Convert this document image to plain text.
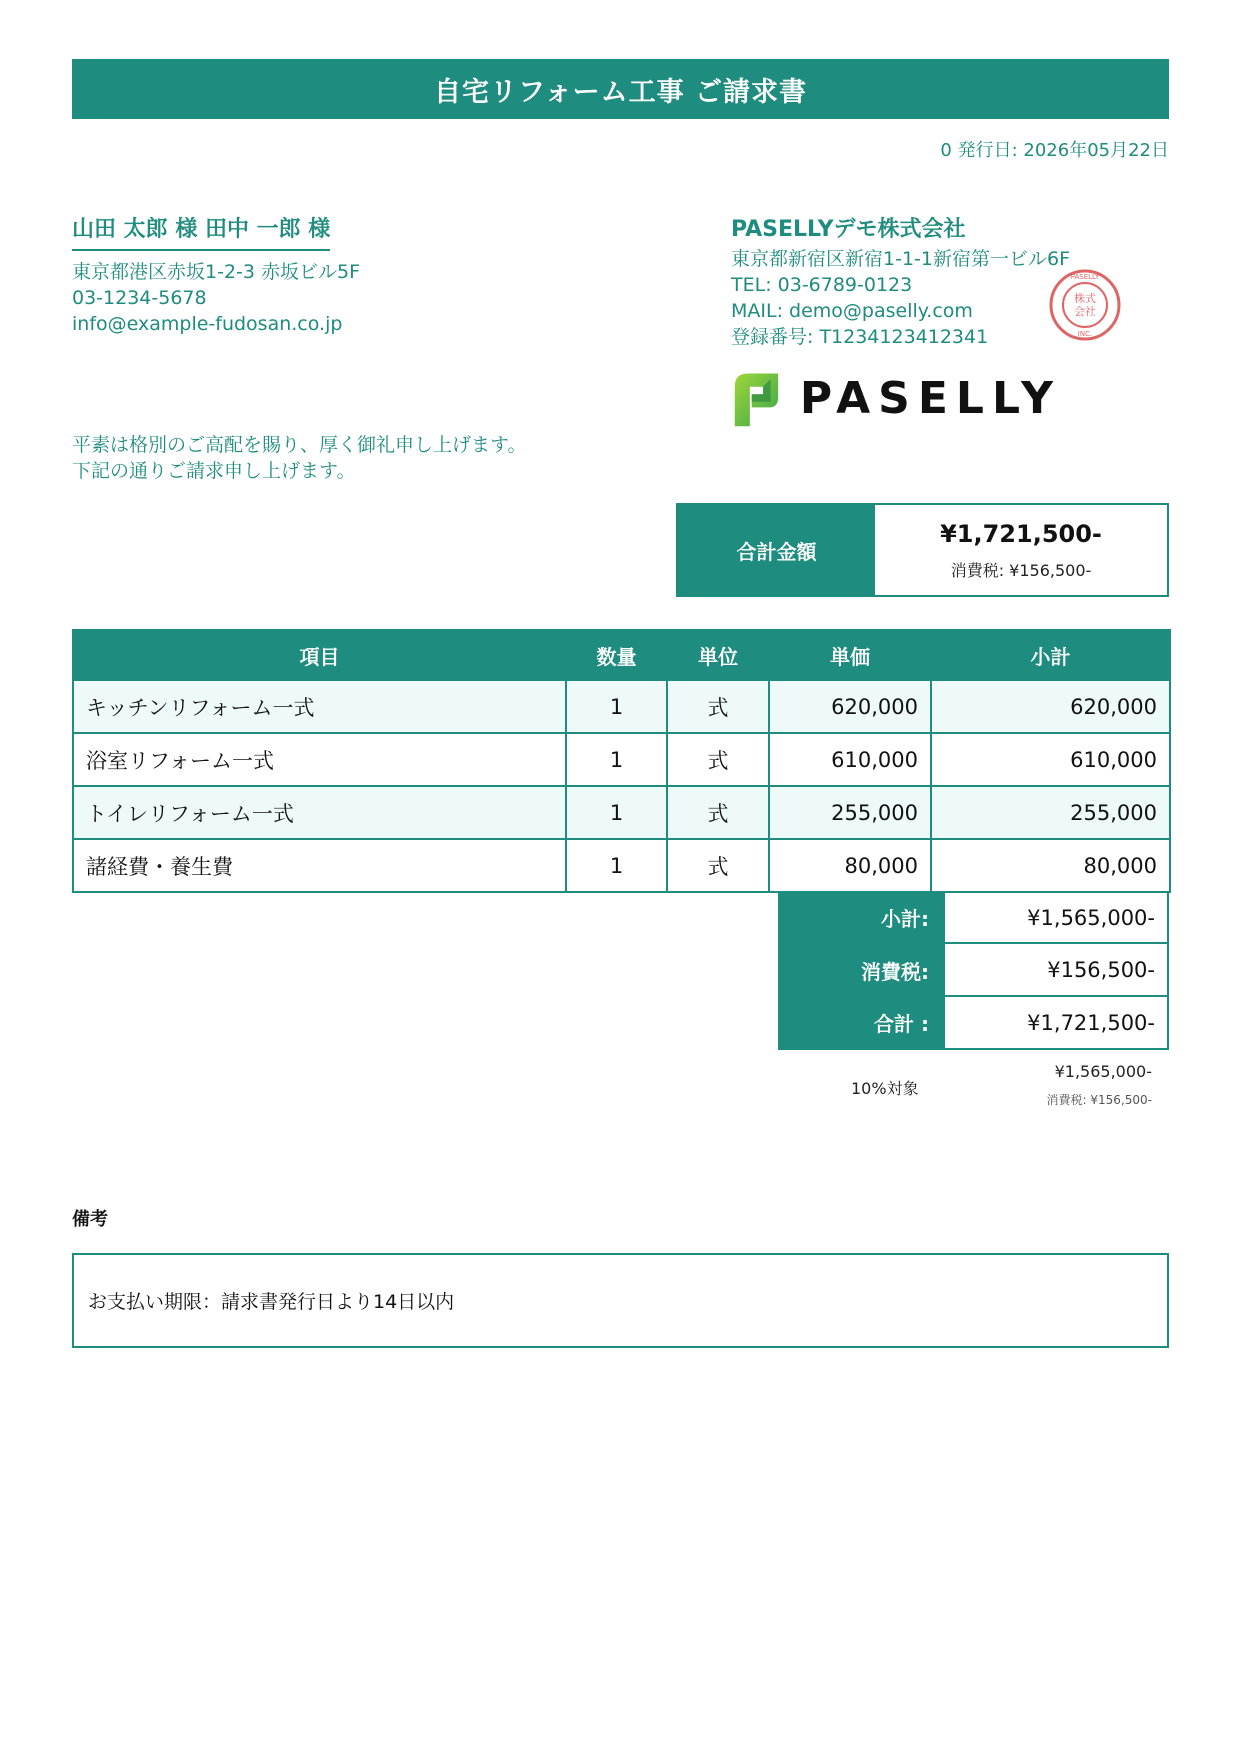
自宅リフォーム工事 ご請求書
0 発行日: 2026年05月22日
山田 太郎 様 田中 一郎 様
東京都港区赤坂1-2-3 赤坂ビル5F
03-1234-5678
info@example-fudosan.co.jp
PASELLYデモ株式会社
東京都新宿区新宿1-1-1新宿第一ビル6F
TEL: 03-6789-0123
MAIL: demo@paselly.com
登録番号: T1234123412341
株式
会社
PASELLY
INC.
PASELLY
平素は格別のご高配を賜り、厚く御礼申し上げます。
下記の通りご請求申し上げます。
合計金額
¥1,721,500-
消費税: ¥156,500-
項目	数量	単位	単価	小計
キッチンリフォーム一式	1	式	620,000	620,000
浴室リフォーム一式	1	式	610,000	610,000
トイレリフォーム一式	1	式	255,000	255,000
諸経費・養生費	1	式	80,000	80,000
小計:	¥1,565,000-
消費税:	¥156,500-
合計 :	¥1,721,500-
10%対象
¥1,565,000-
消費税: ¥156,500-
備考
お支払い期限：請求書発行日より14日以内
